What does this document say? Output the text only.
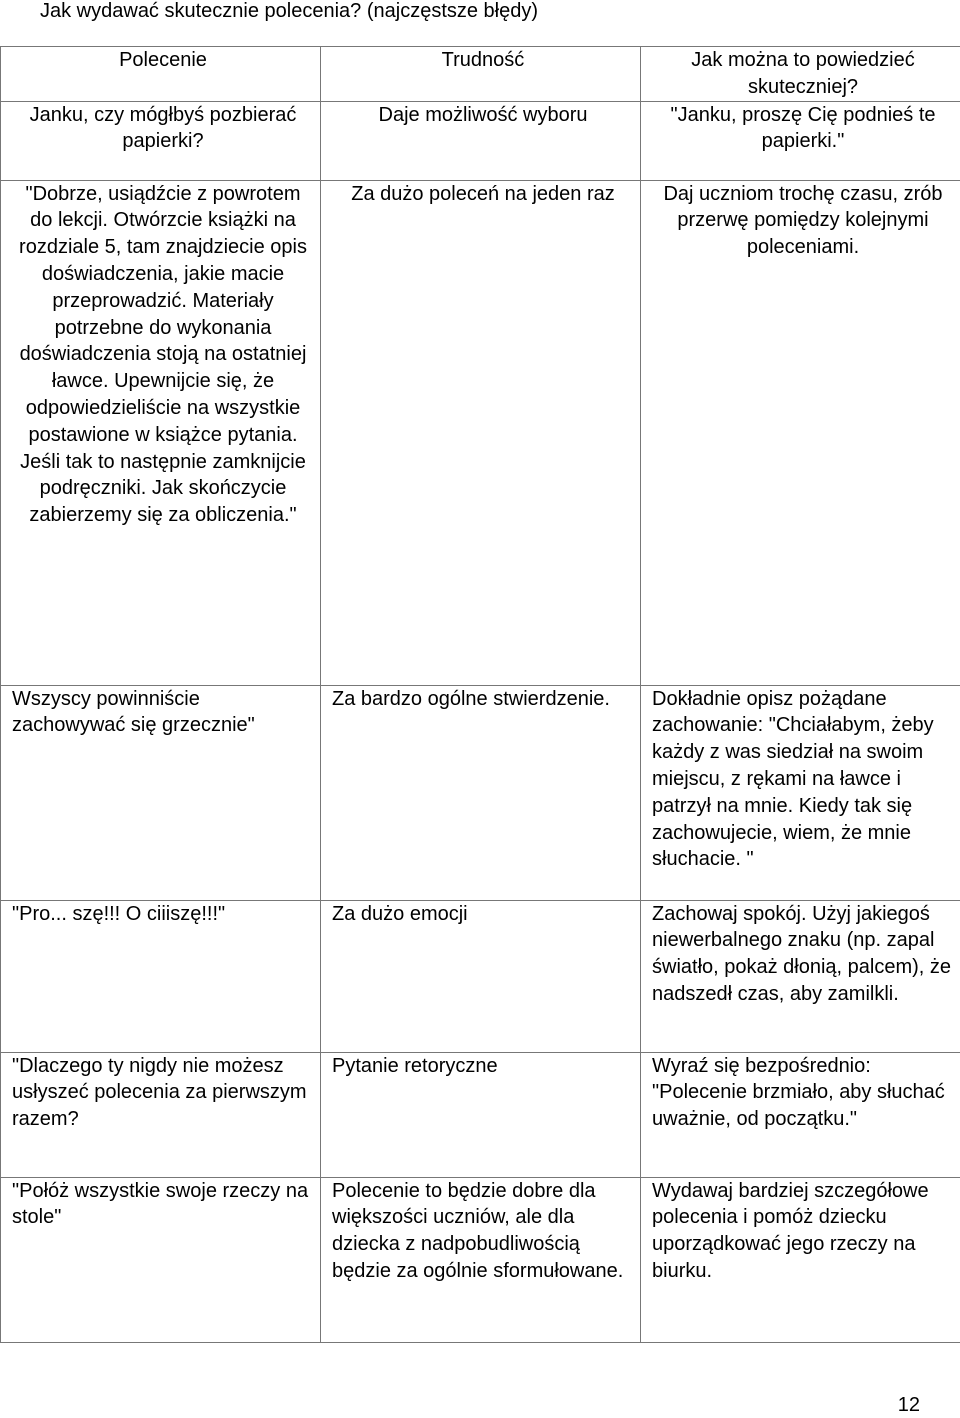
Jak wydawać skutecznie polecenia? (najczęstsze błędy)
Polecenie	Trudność	Jak można to powiedzieć skuteczniej?
Janku, czy mógłbyś pozbierać papierki?	Daje możliwość wyboru	"Janku, proszę Cię podnieś te papierki."
"Dobrze, usiądźcie z powrotem do lekcji. Otwórzcie książki na rozdziale 5, tam znajdziecie opis doświadczenia, jakie macie przeprowadzić. Materiały potrzebne do wykonania doświadczenia stoją na ostatniej ławce. Upewnijcie się, że odpowiedzieliście na wszystkie postawione w książce pytania. Jeśli tak to następnie zamknijcie podręczniki. Jak skończycie zabierzemy się za obliczenia."	Za dużo poleceń na jeden raz	Daj uczniom trochę czasu, zrób przerwę pomiędzy kolejnymi poleceniami.
Wszyscy powinniście zachowywać się grzecznie"	Za bardzo ogólne stwierdzenie.	Dokładnie opisz pożądane zachowanie: "Chciałabym, żeby każdy z was siedział na swoim miejscu, z rękami na ławce i patrzył na mnie. Kiedy tak się zachowujecie, wiem, że mnie słuchacie. "
"Pro... szę!!! O ciiiszę!!!"	Za dużo emocji	Zachowaj spokój. Użyj jakiegoś niewerbalnego znaku (np. zapal światło, pokaż dłonią, palcem), że nadszedł czas, aby zamilkli.
"Dlaczego ty nigdy nie możesz usłyszeć polecenia za pierwszym razem?	Pytanie retoryczne	Wyraź się bezpośrednio: "Polecenie brzmiało, aby słuchać uważnie, od początku."
"Połóż wszystkie swoje rzeczy na stole"	Polecenie to będzie dobre dla większości uczniów, ale dla dziecka z nadpobudliwością będzie za ogólnie sformułowane.	Wydawaj bardziej szczegółowe polecenia i pomóż dziecku uporządkować jego rzeczy na biurku.
12
